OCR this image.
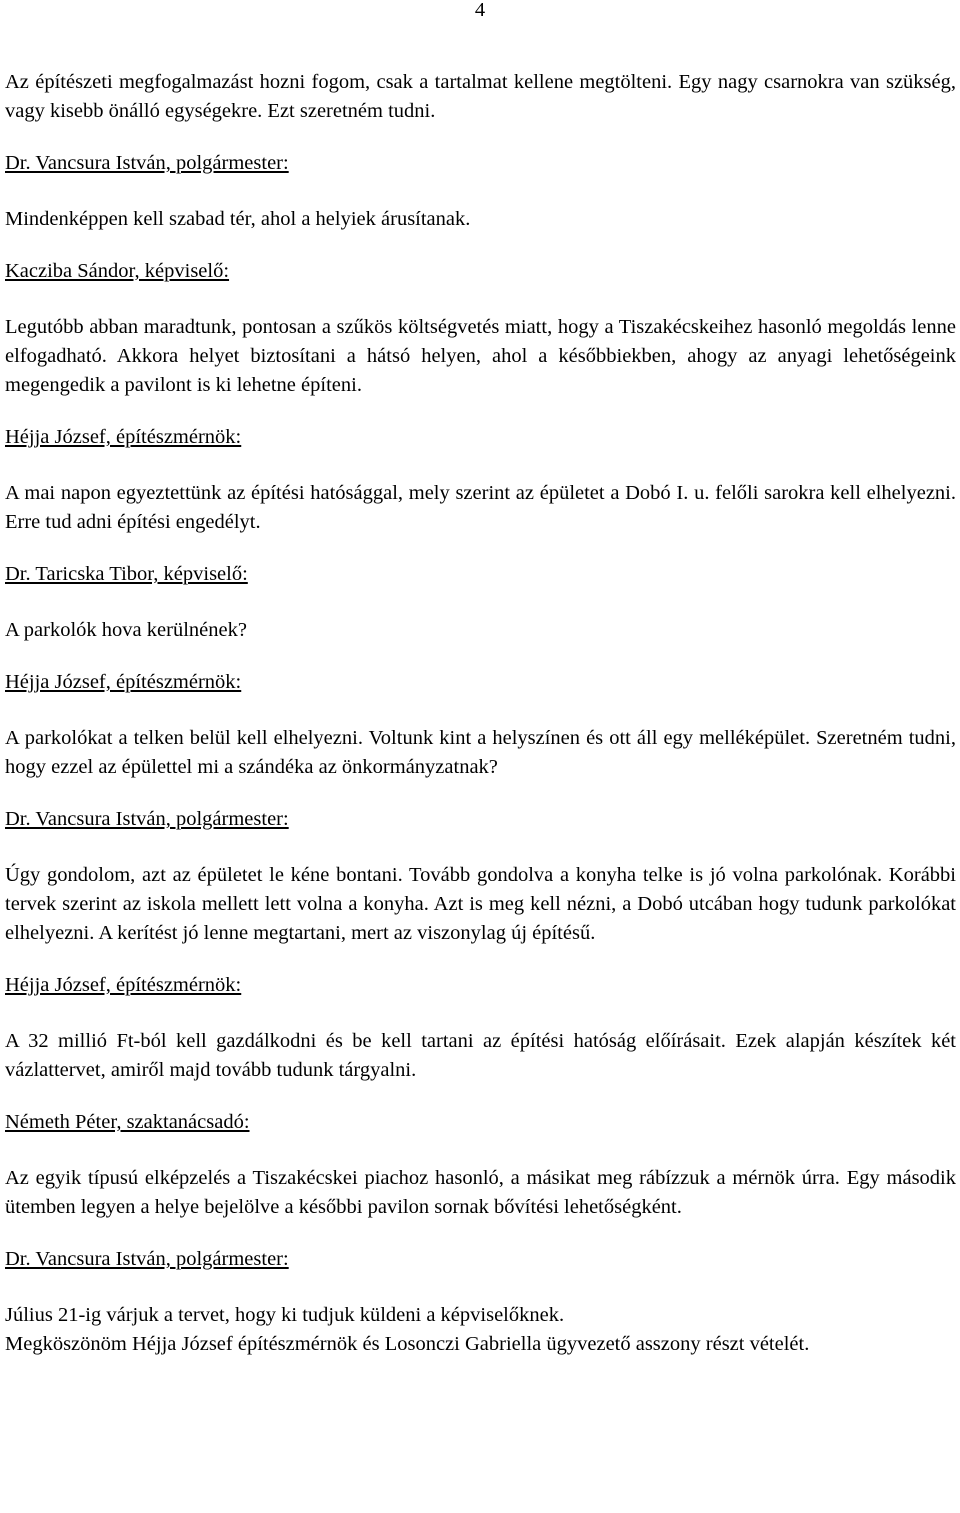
4

Az építészeti megfogalmazást hozni fogom, csak a tartalmat kellene megtölteni. Egy nagy csarnokra van szükség, vagy kisebb önálló egységekre. Ezt szeretném tudni.

Dr. Vancsura István, polgármester:

Mindenképpen kell szabad tér, ahol a helyiek árusítanak.

Kacziba Sándor, képviselő:

Legutóbb abban maradtunk, pontosan a szűkös költségvetés miatt, hogy a Tiszakécskeihez hasonló megoldás lenne elfogadható. Akkora helyet biztosítani a hátsó helyen, ahol a későbbiekben, ahogy az anyagi lehetőségeink megengedik a pavilont is ki lehetne építeni.

Héjja József, építészmérnök:

A mai napon egyeztettünk az építési hatósággal, mely szerint az épületet a Dobó I. u. felőli sarokra kell elhelyezni. Erre tud adni építési engedélyt.

Dr. Taricska Tibor, képviselő:

A parkolók hova kerülnének?

Héjja József, építészmérnök:

A parkolókat a telken belül kell elhelyezni. Voltunk kint a helyszínen és ott áll egy melléképület. Szeretném tudni, hogy ezzel az épülettel mi a szándéka az önkormányzatnak?

Dr. Vancsura István, polgármester:

Úgy gondolom, azt az épületet le kéne bontani. Tovább gondolva a konyha telke is jó volna parkolónak. Korábbi tervek szerint az iskola mellett lett volna a konyha. Azt is meg kell nézni, a Dobó utcában hogy tudunk parkolókat elhelyezni. A kerítést jó lenne megtartani, mert az viszonylag új építésű.

Héjja József, építészmérnök:

A 32 millió Ft-ból kell gazdálkodni és be kell tartani az építési hatóság előírásait. Ezek alapján készítek két vázlattervet, amiről majd tovább tudunk tárgyalni.

Németh Péter, szaktanácsadó:

Az egyik típusú elképzelés a Tiszakécskei piachoz hasonló, a másikat meg rábízzuk a mérnök úrra. Egy második ütemben legyen a helye bejelölve a későbbi pavilon sornak bővítési lehetőségként.

Dr. Vancsura István, polgármester:

Július 21-ig várjuk a tervet, hogy ki tudjuk küldeni a képviselőknek.

Megköszönöm Héjja József építészmérnök és Losonczi Gabriella ügyvezető asszony részt vételét.
